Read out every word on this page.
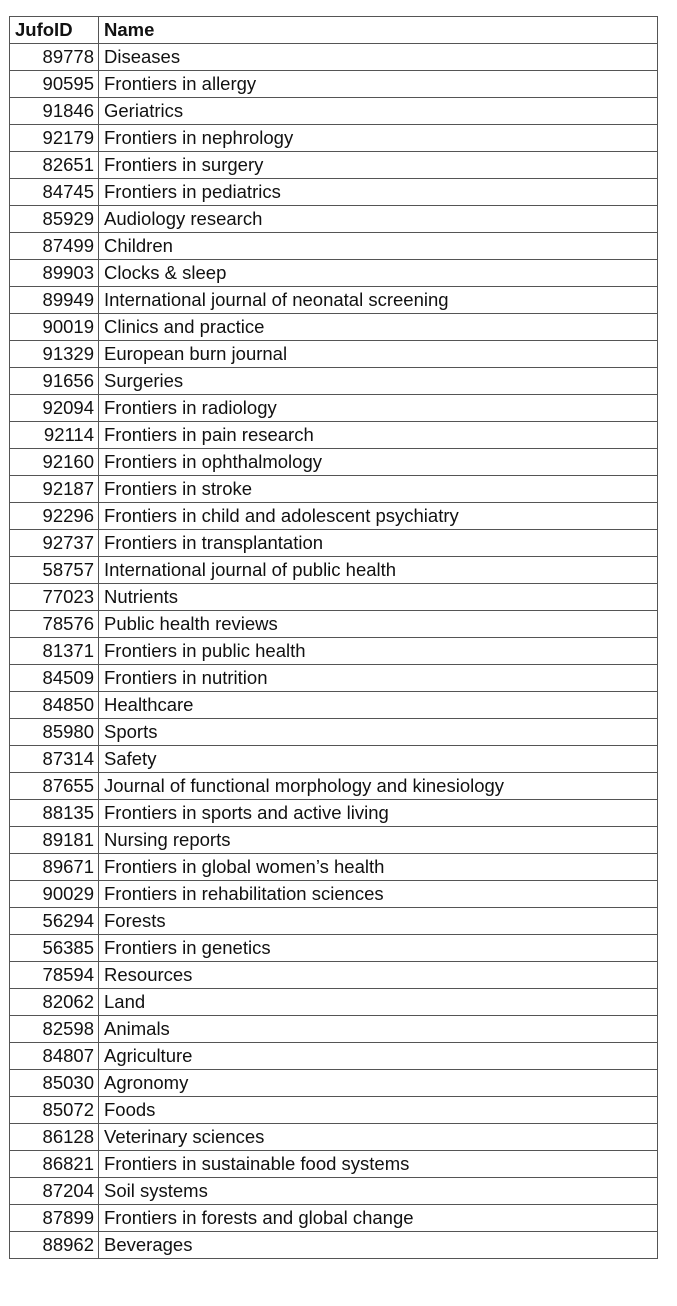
JufoID	Name
89778	Diseases
90595	Frontiers in allergy
91846	Geriatrics
92179	Frontiers in nephrology
82651	Frontiers in surgery
84745	Frontiers in pediatrics
85929	Audiology research
87499	Children
89903	Clocks & sleep
89949	International journal of neonatal screening
90019	Clinics and practice
91329	European burn journal
91656	Surgeries
92094	Frontiers in radiology
92114	Frontiers in pain research
92160	Frontiers in ophthalmology
92187	Frontiers in stroke
92296	Frontiers in child and adolescent psychiatry
92737	Frontiers in transplantation
58757	International journal of public health
77023	Nutrients
78576	Public health reviews
81371	Frontiers in public health
84509	Frontiers in nutrition
84850	Healthcare
85980	Sports
87314	Safety
87655	Journal of functional morphology and kinesiology
88135	Frontiers in sports and active living
89181	Nursing reports
89671	Frontiers in global women’s health
90029	Frontiers in rehabilitation sciences
56294	Forests
56385	Frontiers in genetics
78594	Resources
82062	Land
82598	Animals
84807	Agriculture
85030	Agronomy
85072	Foods
86128	Veterinary sciences
86821	Frontiers in sustainable food systems
87204	Soil systems
87899	Frontiers in forests and global change
88962	Beverages
